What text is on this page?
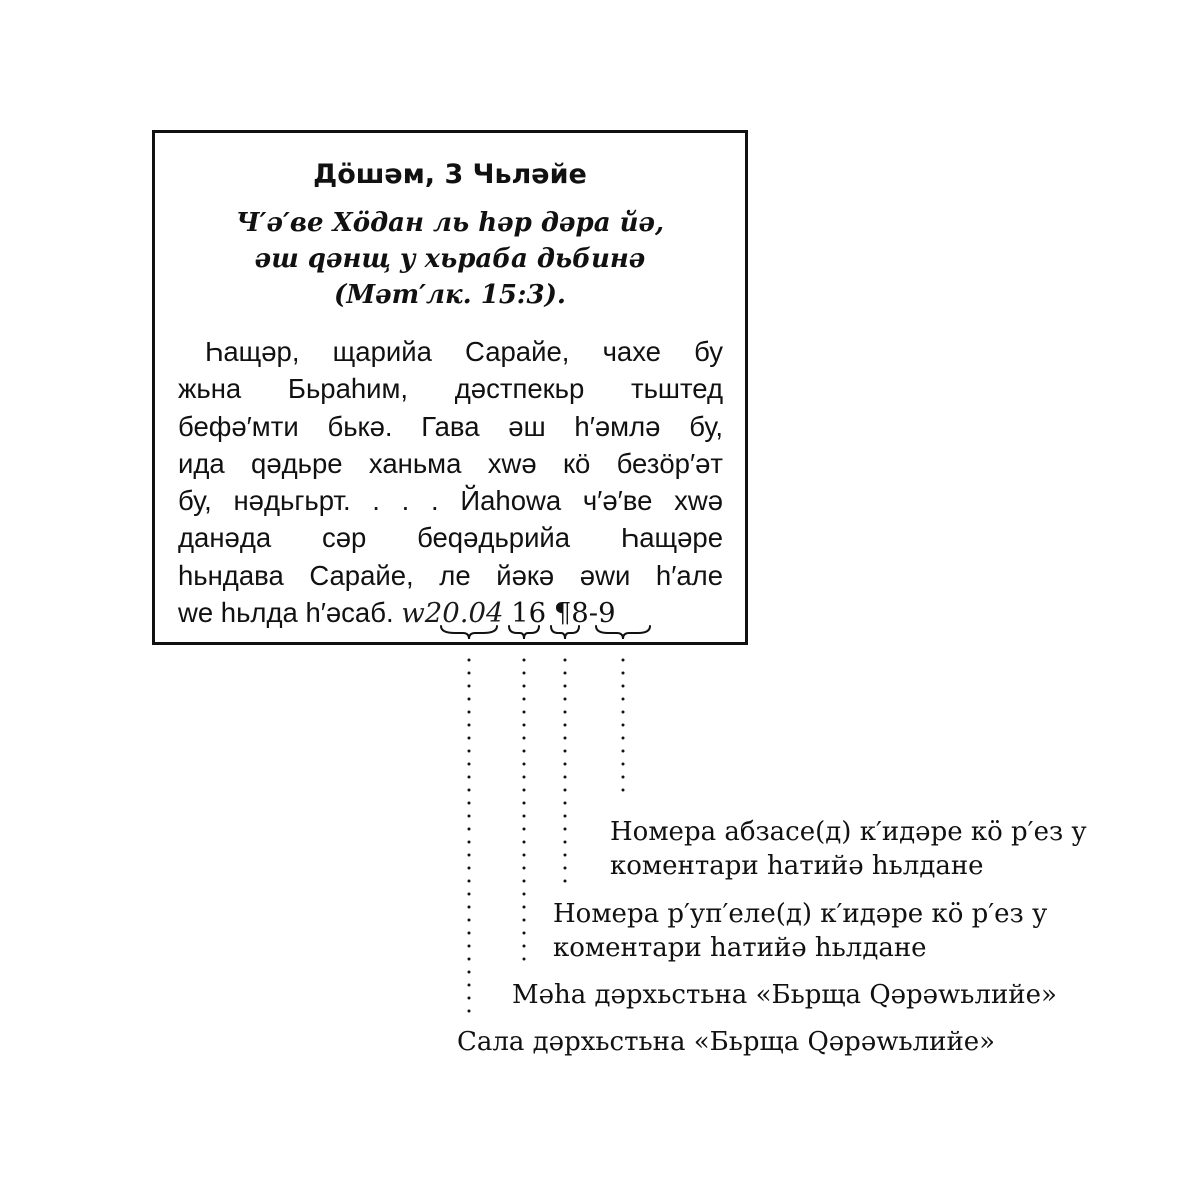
Дöшəм, 3 Чьлəйе
Ч′ə′ве Хöдан ль һəр дəра йə,
əш qəнщ у хьраба дьбинə
(Мəт′лк. 15:3).
Һащəр, щарийа Сарайе, чахе бу
жьна Бьраһим, дəстпекьр тьштед
бефə′мти бькə. Гава əш h′əмлə бу,
ида qəдьре ханьма хwə кö безöр′əт
бу, нəдьгьрт. . . . Йаhowa ч′ə′ве хwə
данəда сəр беqəдьрийа Һащəре
һьндава Сарайе, ле йəкə əwи h′але
we һьлда h′əсаб. w20.04 16 ¶8-9
Номера абзасе(д) к′идəре кö р′ез у
коментари hатийə һьлдане
Номера р′уп′еле(д) к′идəре кö р′ез у
коментари hатийə һьлдане
Мəhа дəрхьстьна «Бьрща Qəрəwьлийе»
Сала дəрхьстьна «Бьрща Qəрəwьлийе»
